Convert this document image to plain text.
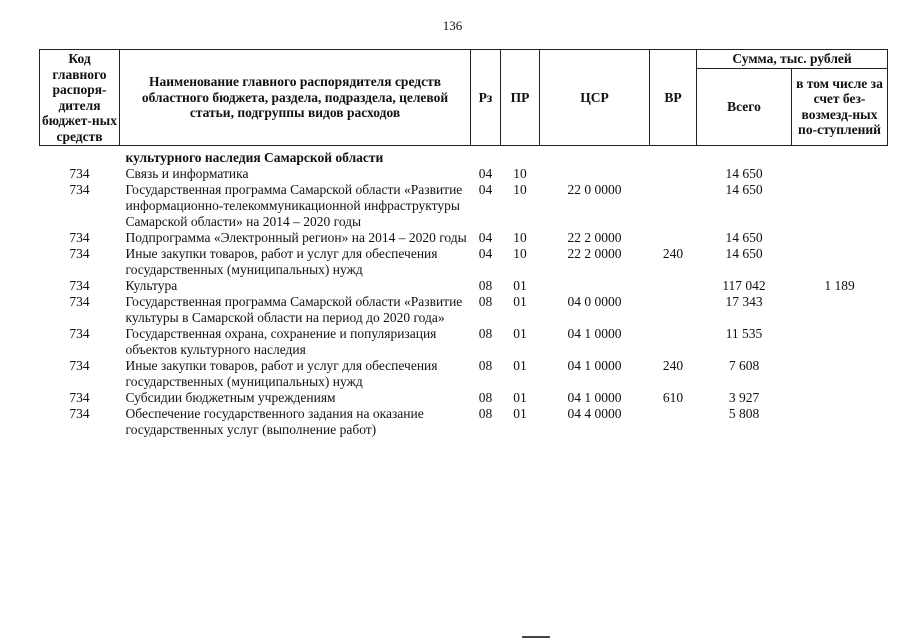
136
Код главного распоря-дителя бюджет-ных средств	Наименование главного распорядителя средств областного бюджета, раздела, подраздела, целевой статьи, подгруппы видов расходов	Рз	ПР	ЦСР	ВР	Сумма, тыс. рублей	
						Всего	в том числе за счет без-возмезд-ных по-ступлений
	культурного наследия Самарской области						
734	Связь и информатика	04	10			14 650	
734	Государственная программа Самарской области «Развитие информационно-телекоммуникационной инфраструктуры Самарской области» на 2014 – 2020 годы	04	10	22 0 0000		14 650	
734	Подпрограмма «Электронный регион» на 2014 – 2020 годы	04	10	22 2 0000		14 650	
734	Иные закупки товаров, работ и услуг для обеспечения государственных (муниципальных) нужд	04	10	22 2 0000	240	14 650	
734	Культура	08	01			117 042	1 189
734	Государственная программа Самарской области «Развитие культуры в Самарской области на период до 2020 года»	08	01	04 0 0000		17 343	
734	Государственная охрана, сохранение и популяризация объектов культурного наследия	08	01	04 1 0000		11 535	
734	Иные закупки товаров, работ и услуг для обеспечения государственных (муниципальных) нужд	08	01	04 1 0000	240	7 608	
734	Субсидии бюджетным учреждениям	08	01	04 1 0000	610	3 927	
734	Обеспечение государственного задания на оказание государственных услуг (выполнение работ)	08	01	04 4 0000		5 808	
